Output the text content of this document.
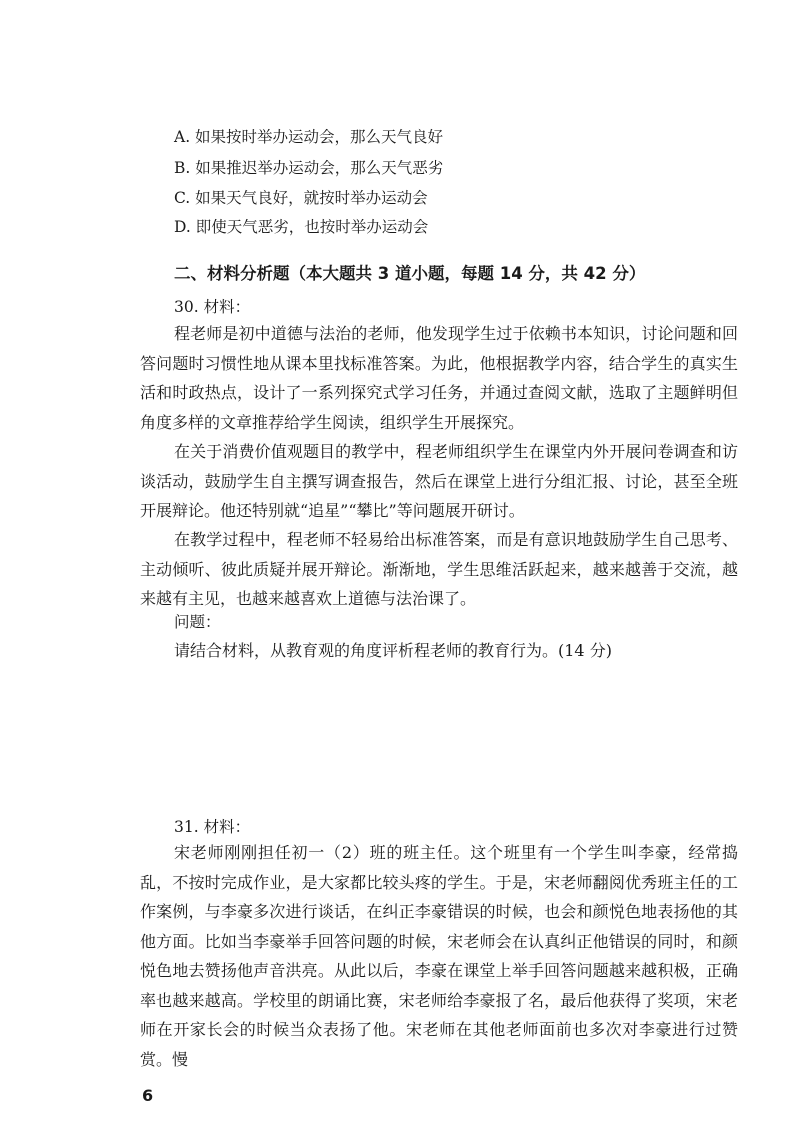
A. 如果按时举办运动会，那么天气良好
B. 如果推迟举办运动会，那么天气恶劣
C. 如果天气良好，就按时举办运动会
D. 即使天气恶劣，也按时举办运动会
二、材料分析题（本大题共 3 道小题，每题 14 分，共 42 分）
30. 材料：

程老师是初中道德与法治的老师，他发现学生过于依赖书本知识，讨论问题和回答问题时习惯性地从课本里找标准答案。为此，他根据教学内容，结合学生的真实生活和时政热点，设计了一系列探究式学习任务，并通过查阅文献，选取了主题鲜明但角度多样的文章推荐给学生阅读，组织学生开展探究。

在关于消费价值观题目的教学中，程老师组织学生在课堂内外开展问卷调查和访谈活动，鼓励学生自主撰写调查报告，然后在课堂上进行分组汇报、讨论，甚至全班开展辩论。他还特别就“追星”“攀比”等问题展开研讨。

在教学过程中，程老师不轻易给出标准答案，而是有意识地鼓励学生自己思考、主动倾听、彼此质疑并展开辩论。渐渐地，学生思维活跃起来，越来越善于交流，越来越有主见，也越来越喜欢上道德与法治课了。

问题：
请结合材料，从教育观的角度评析程老师的教育行为。(14 分)
31. 材料：

宋老师刚刚担任初一（2）班的班主任。这个班里有一个学生叫李豪，经常捣乱，不按时完成作业，是大家都比较头疼的学生。于是，宋老师翻阅优秀班主任的工作案例，与李豪多次进行谈话，在纠正李豪错误的时候，也会和颜悦色地表扬他的其他方面。比如当李豪举手回答问题的时候，宋老师会在认真纠正他错误的同时，和颜悦色地去赞扬他声音洪亮。从此以后，李豪在课堂上举手回答问题越来越积极，正确率也越来越高。学校里的朗诵比赛，宋老师给李豪报了名，最后他获得了奖项，宋老师在开家长会的时候当众表扬了他。宋老师在其他老师面前也多次对李豪进行过赞赏。慢

6
